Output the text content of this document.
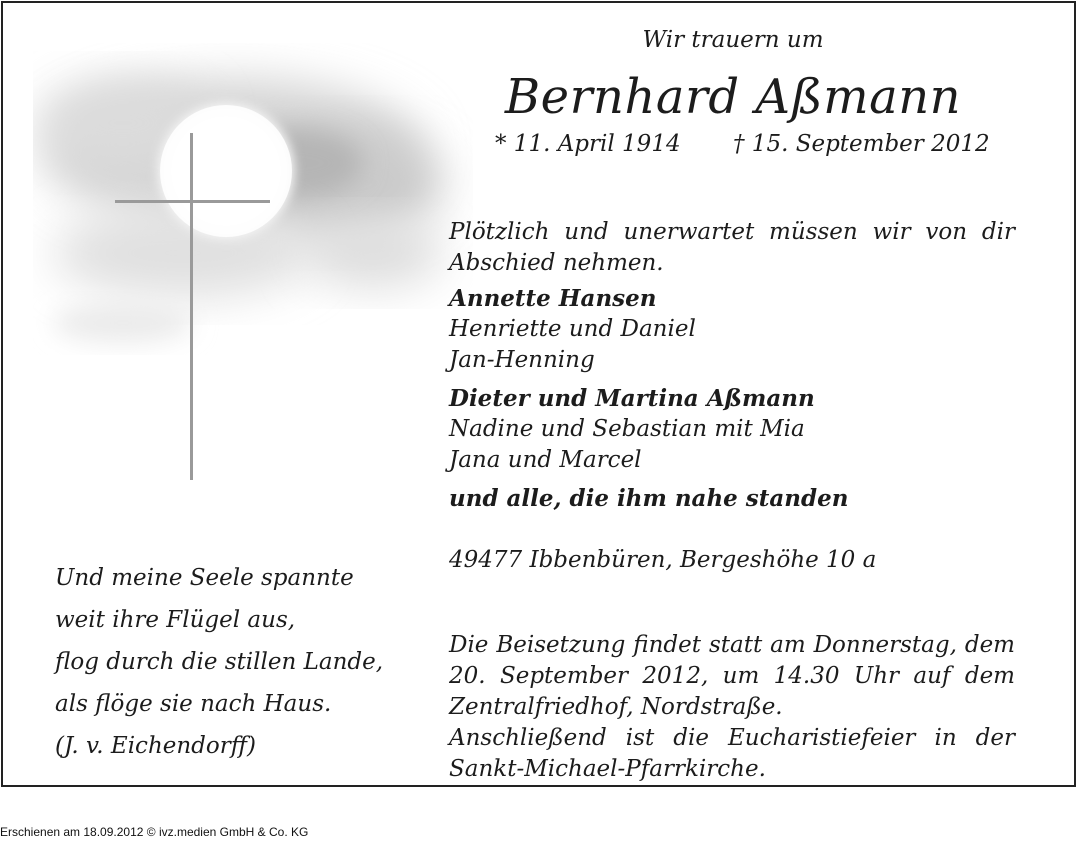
Wir trauern um

Bernhard Aßmann

* 11. April 1914 † 15. September 2012

Plötzlich und unerwartet müssen wir von dir Abschied nehmen.

Annette Hansen
Henriette und Daniel
Jan-Henning
Dieter und Martina Aßmann
Nadine und Sebastian mit Mia
Jana und Marcel
und alle, die ihm nahe standen
49477 Ibbenbüren, Bergeshöhe 10 a

Die Beisetzung findet statt am Donnerstag, dem 20. September 2012, um 14.30 Uhr auf dem Zentralfriedhof, Nordstraße.

Anschließend ist die Eucharistiefeier in der Sankt-Michael-Pfarrkirche.

Und meine Seele spannte
weit ihre Flügel aus,
flog durch die stillen Lande,
als flöge sie nach Haus.
(J. v. Eichendorff)
Erschienen am 18.09.2012 © ivz.medien GmbH & Co. KG
